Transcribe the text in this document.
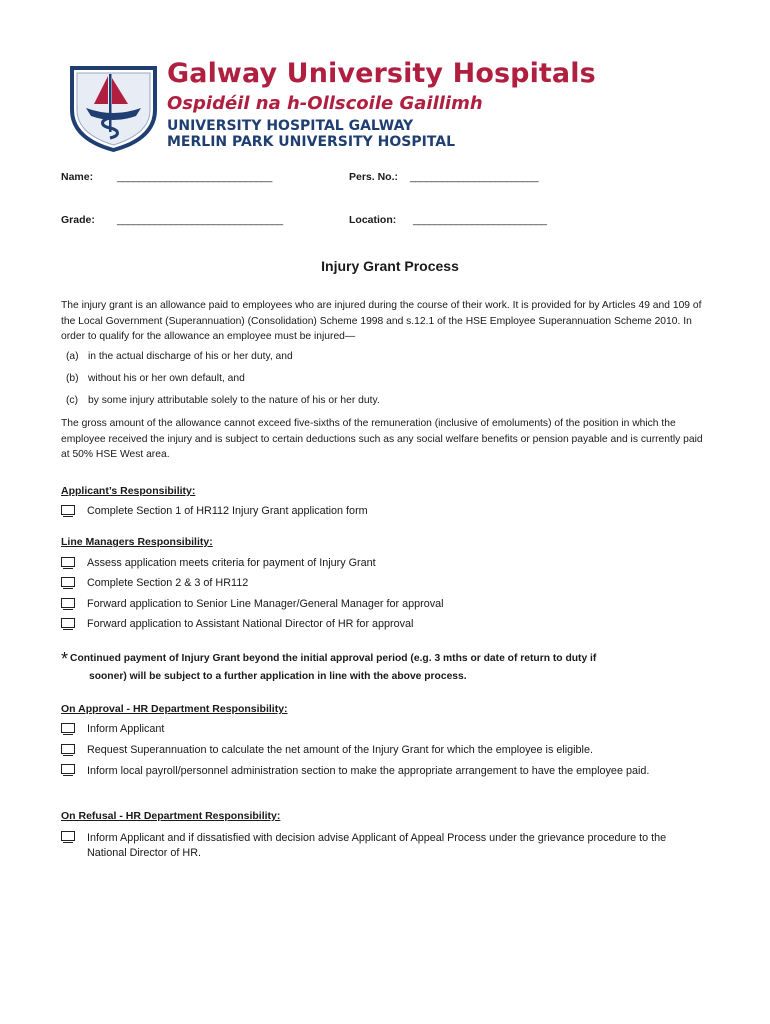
Galway University Hospitals
Ospidéil na h-Ollscoile Gaillimh
UNIVERSITY HOSPITAL GALWAY
MERLIN PARK UNIVERSITY HOSPITAL
Name: _____________________________	Pers. No.: ________________________
Grade: _______________________________	Location: _________________________
Injury Grant Process
The injury grant is an allowance paid to employees who are injured during the course of their work. It is provided for by Articles 49 and 109 of the Local Government (Superannuation) (Consolidation) Scheme 1998 and s.12.1 of the HSE Employee Superannuation Scheme 2010. In order to qualify for the allowance an employee must be injured—
(a) in the actual discharge of his or her duty, and
(b) without his or her own default, and
(c) by some injury attributable solely to the nature of his or her duty.
The gross amount of the allowance cannot exceed five-sixths of the remuneration (inclusive of emoluments) of the position in which the employee received the injury and is subject to certain deductions such as any social welfare benefits or pension payable and is currently paid at 50% HSE West area.
Applicant’s Responsibility:
Complete Section 1 of HR112 Injury Grant application form
Line Managers Responsibility:
Assess application meets criteria for payment of Injury Grant
Complete Section 2 & 3 of HR112
Forward application to Senior Line Manager/General Manager for approval
Forward application to Assistant National Director of HR for approval
* Continued payment of Injury Grant beyond the initial approval period (e.g. 3 mths or date of return to duty if
sooner) will be subject to a further application in line with the above process.
On Approval - HR Department Responsibility:
Inform Applicant
Request Superannuation to calculate the net amount of the Injury Grant for which the employee is eligible.
Inform local payroll/personnel administration section to make the appropriate arrangement to have the employee paid.
On Refusal - HR Department Responsibility:
Inform Applicant and if dissatisfied with decision advise Applicant of Appeal Process under the grievance procedure to the National Director of HR.
